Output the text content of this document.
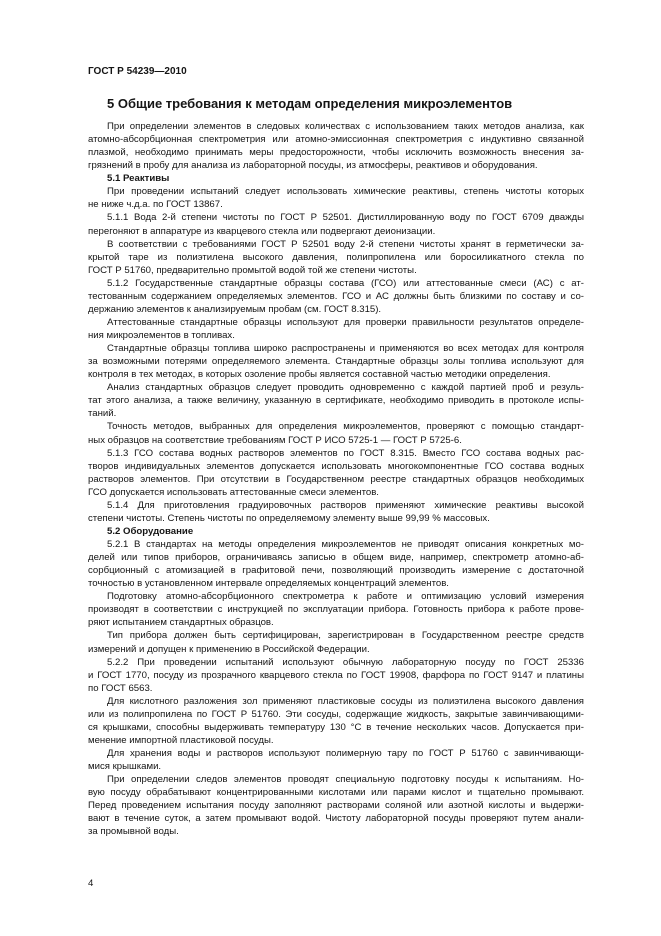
ГОСТ Р 54239—2010
5 Общие требования к методам определения микроэлементов
При определении элементов в следовых количествах с использованием таких методов анализа, как
атомно-абсорбционная спектрометрия или атомно-эмиссионная спектрометрия с индуктивно связанной
плазмой, необходимо принимать меры предосторожности, чтобы исключить возможность внесения за-
грязнений в пробу для анализа из лабораторной посуды, из атмосферы, реактивов и оборудования.
5.1 Реактивы
При проведении испытаний следует использовать химические реактивы, степень чистоты которых
не ниже ч.д.а. по ГОСТ 13867.
5.1.1 Вода 2-й степени чистоты по ГОСТ Р 52501. Дистиллированную воду по ГОСТ 6709 дважды
перегоняют в аппаратуре из кварцевого стекла или подвергают деионизации.
В соответствии с требованиями ГОСТ Р 52501 воду 2-й степени чистоты хранят в герметически за-
крытой таре из полиэтилена высокого давления, полипропилена или боросиликатного стекла по
ГОСТ Р 51760, предварительно промытой водой той же степени чистоты.
5.1.2 Государственные стандартные образцы состава (ГСО) или аттестованные смеси (АС) с ат-
тестованным содержанием определяемых элементов. ГСО и АС должны быть близкими по составу и со-
держанию элементов к анализируемым пробам (см. ГОСТ 8.315).
Аттестованные стандартные образцы используют для проверки правильности результатов определе-
ния микроэлементов в топливах.
Стандартные образцы топлива широко распространены и применяются во всех методах для контроля
за возможными потерями определяемого элемента. Стандартные образцы золы топлива используют для
контроля в тех методах, в которых озоление пробы является составной частью методики определения.
Анализ стандартных образцов следует проводить одновременно с каждой партией проб и резуль-
тат этого анализа, а также величину, указанную в сертификате, необходимо приводить в протоколе испы-
таний.
Точность методов, выбранных для определения микроэлементов, проверяют с помощью стандарт-
ных образцов на соответствие требованиям ГОСТ Р ИСО 5725-1 — ГОСТ Р 5725-6.
5.1.3 ГСО состава водных растворов элементов по ГОСТ 8.315. Вместо ГСО состава водных рас-
творов индивидуальных элементов допускается использовать многокомпонентные ГСО состава водных
растворов элементов. При отсутствии в Государственном реестре стандартных образцов необходимых
ГСО допускается использовать аттестованные смеси элементов.
5.1.4 Для приготовления градуировочных растворов применяют химические реактивы высокой
степени чистоты. Степень чистоты по определяемому элементу выше 99,99 % массовых.
5.2 Оборудование
5.2.1 В стандартах на методы определения микроэлементов не приводят описания конкретных мо-
делей или типов приборов, ограничиваясь записью в общем виде, например, спектрометр атомно-аб-
сорбционный с атомизацией в графитовой печи, позволяющий производить измерение с достаточной
точностью в установленном интервале определяемых концентраций элементов.
Подготовку атомно-абсорбционного спектрометра к работе и оптимизацию условий измерения
производят в соответствии с инструкцией по эксплуатации прибора. Готовность прибора к работе прове-
ряют испытанием стандартных образцов.
Тип прибора должен быть сертифицирован, зарегистрирован в Государственном реестре средств
измерений и допущен к применению в Российской Федерации.
5.2.2 При проведении испытаний используют обычную лабораторную посуду по ГОСТ 25336
и ГОСТ 1770, посуду из прозрачного кварцевого стекла по ГОСТ 19908, фарфора по ГОСТ 9147 и платины
по ГОСТ 6563.
Для кислотного разложения зол применяют пластиковые сосуды из полиэтилена высокого давления
или из полипропилена по ГОСТ Р 51760. Эти сосуды, содержащие жидкость, закрытые завинчивающими-
ся крышками, способны выдерживать температуру 130 °С в течение нескольких часов. Допускается при-
менение импортной пластиковой посуды.
Для хранения воды и растворов используют полимерную тару по ГОСТ Р 51760 с завинчивающи-
мися крышками.
При определении следов элементов проводят специальную подготовку посуды к испытаниям. Но-
вую посуду обрабатывают концентрированными кислотами или парами кислот и тщательно промывают.
Перед проведением испытания посуду заполняют растворами соляной или азотной кислоты и выдержи-
вают в течение суток, а затем промывают водой. Чистоту лабораторной посуды проверяют путем анали-
за промывной воды.
4
